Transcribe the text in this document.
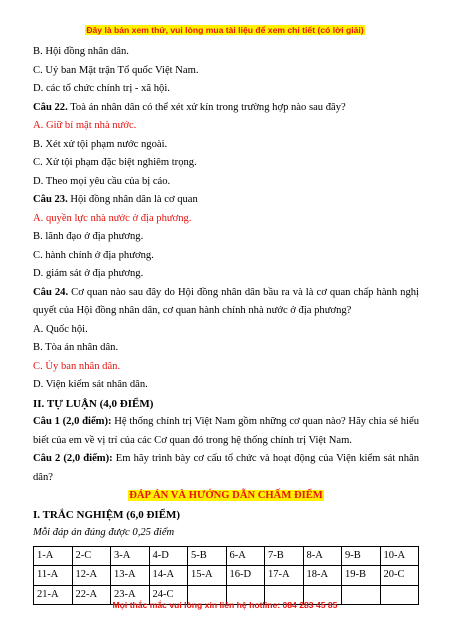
Đây là bản xem thử, vui lòng mua tài liệu để xem chi tiết (có lời giải)
B. Hội đồng nhân dân.
C. Uỷ ban Mặt trận Tổ quốc Việt Nam.
D. các tổ chức chính trị - xã hội.
Câu 22. Toà án nhân dân có thể xét xử kín trong trường hợp nào sau đây?
A. Giữ bí mật nhà nước.
B. Xét xử tội phạm nước ngoài.
C. Xử tội phạm đặc biệt nghiêm trọng.
D. Theo mọi yêu cầu của bị cáo.
Câu 23. Hội đồng nhân dân là cơ quan
A. quyền lực nhà nước ở địa phương.
B. lãnh đạo ở địa phương.
C. hành chính ở địa phương.
D. giám sát ở địa phương.
Câu 24. Cơ quan nào sau đây do Hội đồng nhân dân bầu ra và là cơ quan chấp hành nghị quyết của Hội đồng nhân dân, cơ quan hành chính nhà nước ở địa phương?
A. Quốc hội.
B. Tòa án nhân dân.
C. Ủy ban nhân dân.
D. Viện kiểm sát nhân dân.
II. TỰ LUẬN (4,0 ĐIỂM)
Câu 1 (2,0 điểm): Hệ thống chính trị Việt Nam gồm những cơ quan nào? Hãy chia sẻ hiểu biết của em về vị trí của các Cơ quan đó trong hệ thống chính trị Việt Nam.
Câu 2 (2,0 điểm): Em hãy trình bày cơ cấu tổ chức và hoạt động của Viện kiểm sát nhân dân?
ĐÁP ÁN VÀ HƯỚNG DẪN CHẤM ĐIỂM
I. TRẮC NGHIỆM (6,0 ĐIỂM)
Mỗi đáp án đúng được 0,25 điểm
1-A	2-C	3-A	4-D	5-B	6-A	7-B	8-A	9-B	10-A
11-A	12-A	13-A	14-A	15-A	16-D	17-A	18-A	19-B	20-C
21-A	22-A	23-A	24-C						
Mọi thắc mắc vui lòng xin liên hệ hotline: 084 283 45 85
